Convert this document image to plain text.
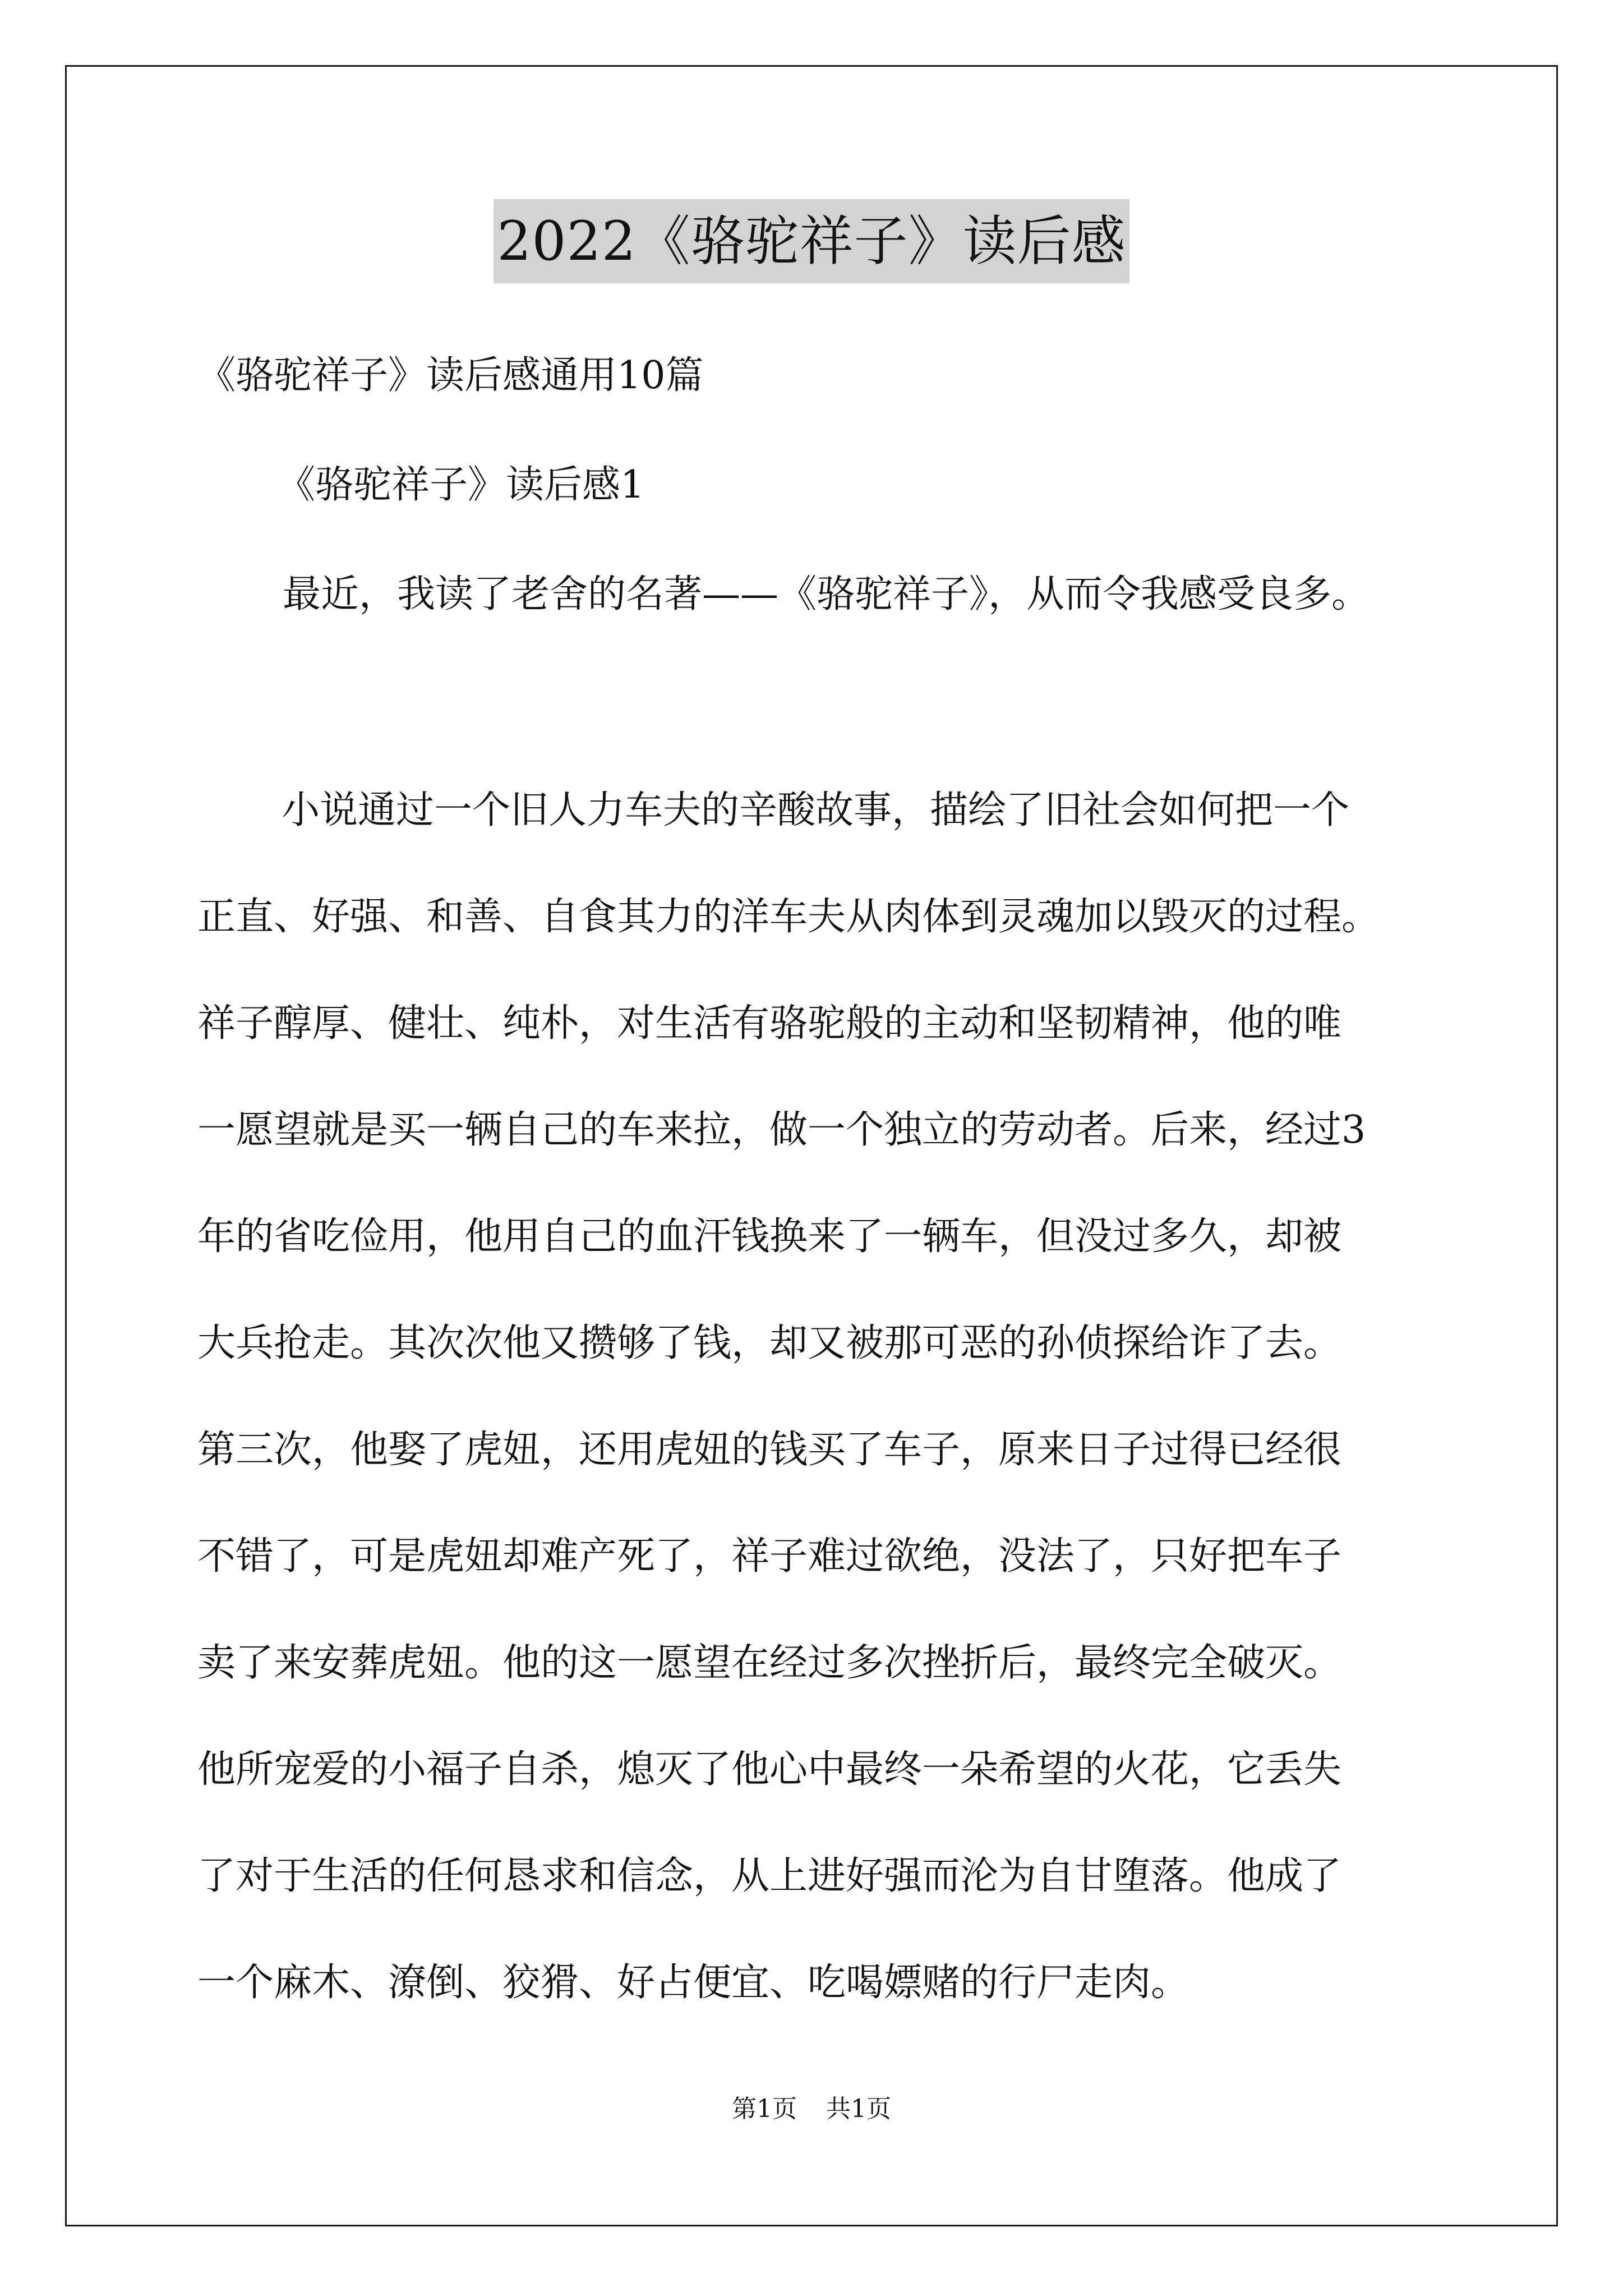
2022《骆驼祥子》读后感
《骆驼祥子》读后感通用10篇
《骆驼祥子》读后感1
最近，我读了老舍的名著——《骆驼祥子》，从而令我感受良多。
小说通过一个旧人力车夫的辛酸故事，描绘了旧社会如何把一个
正直、好强、和善、自食其力的洋车夫从肉体到灵魂加以毁灭的过程。
祥子醇厚、健壮、纯朴，对生活有骆驼般的主动和坚韧精神，他的唯
一愿望就是买一辆自己的车来拉，做一个独立的劳动者。后来，经过3
年的省吃俭用，他用自己的血汗钱换来了一辆车，但没过多久，却被
大兵抢走。其次次他又攒够了钱，却又被那可恶的孙侦探给诈了去。
第三次，他娶了虎妞，还用虎妞的钱买了车子，原来日子过得已经很
不错了，可是虎妞却难产死了，祥子难过欲绝，没法了，只好把车子
卖了来安葬虎妞。他的这一愿望在经过多次挫折后，最终完全破灭。
他所宠爱的小福子自杀，熄灭了他心中最终一朵希望的火花，它丢失
了对于生活的任何恳求和信念，从上进好强而沦为自甘堕落。他成了
一个麻木、潦倒、狡猾、好占便宜、吃喝嫖赌的行尸走肉。
第1页 共1页
